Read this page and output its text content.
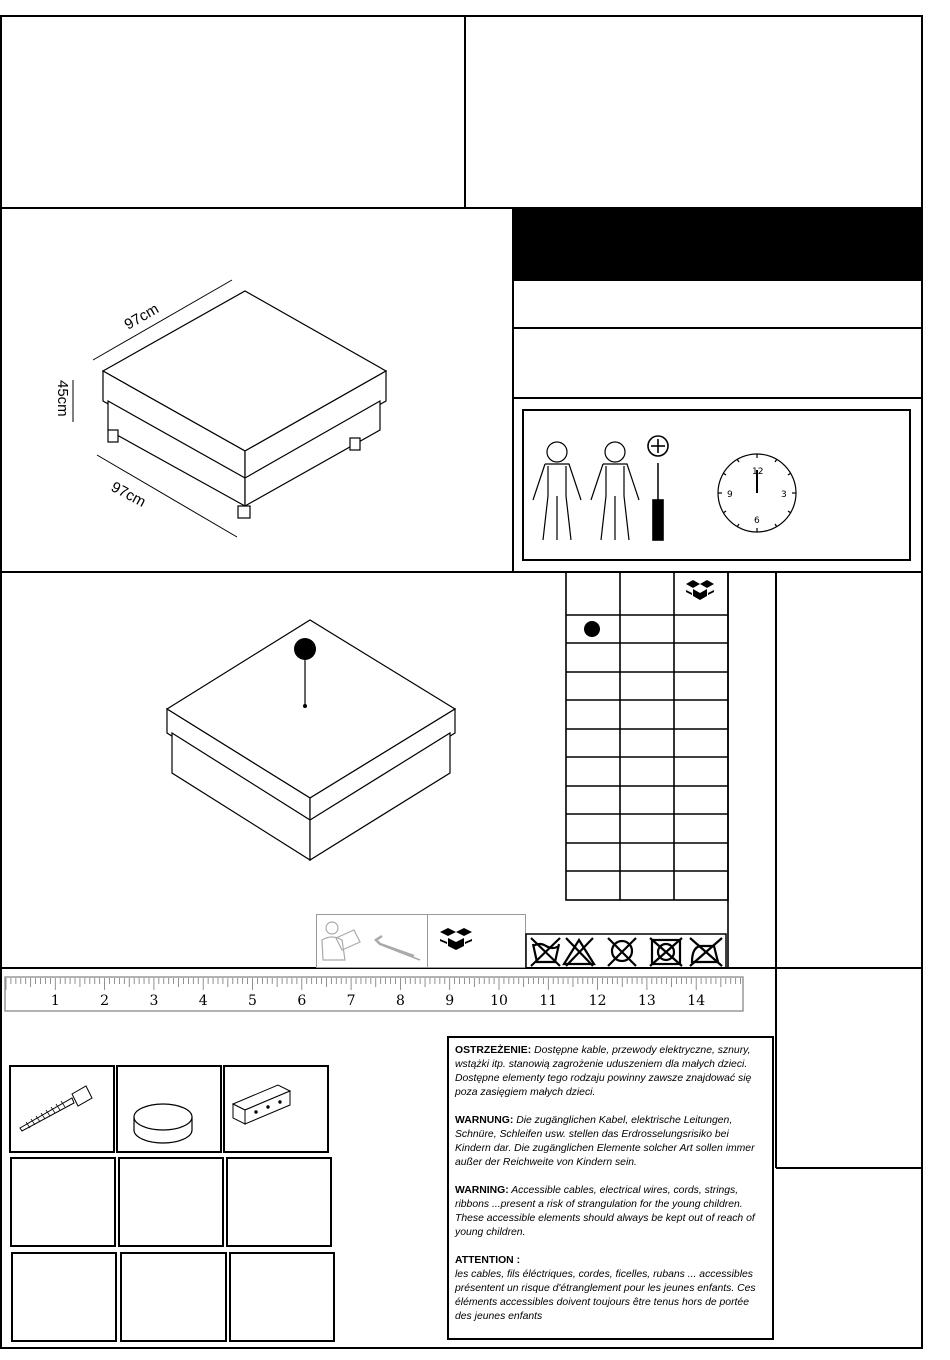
97cm
45cm
97cm
12
3
6
9
1	2	3	4	5	6	7	8	9	10 11 12 13 14

OSTRZEŻENIE: Dostępne kable, przewody elektryczne, sznury, wstążki itp. stanowią zagrożenie uduszeniem dla małych dzieci. Dostępne elementy tego rodzaju powinny zawsze znajdować się poza zasięgiem małych dzieci.

WARNUNG: Die zugänglichen Kabel, elektrische Leitungen, Schnüre, Schleifen usw. stellen das Erdrosselungsrisiko bei Kindern dar. Die zugänglichen Elemente solcher Art sollen immer außer der Reichweite von Kindern sein.

WARNING: Accessible cables, electrical wires, cords, strings, ribbons ...present a risk of strangulation for the young children. These accessible elements should always be kept out of reach of young children.

ATTENTION :
les cables, fils éléctriques, cordes, ficelles, rubans ... accessibles présentent un risque d'étranglement pour les jeunes enfants. Ces éléments accessibles doivent toujours être tenus hors de portée des jeunes enfants
